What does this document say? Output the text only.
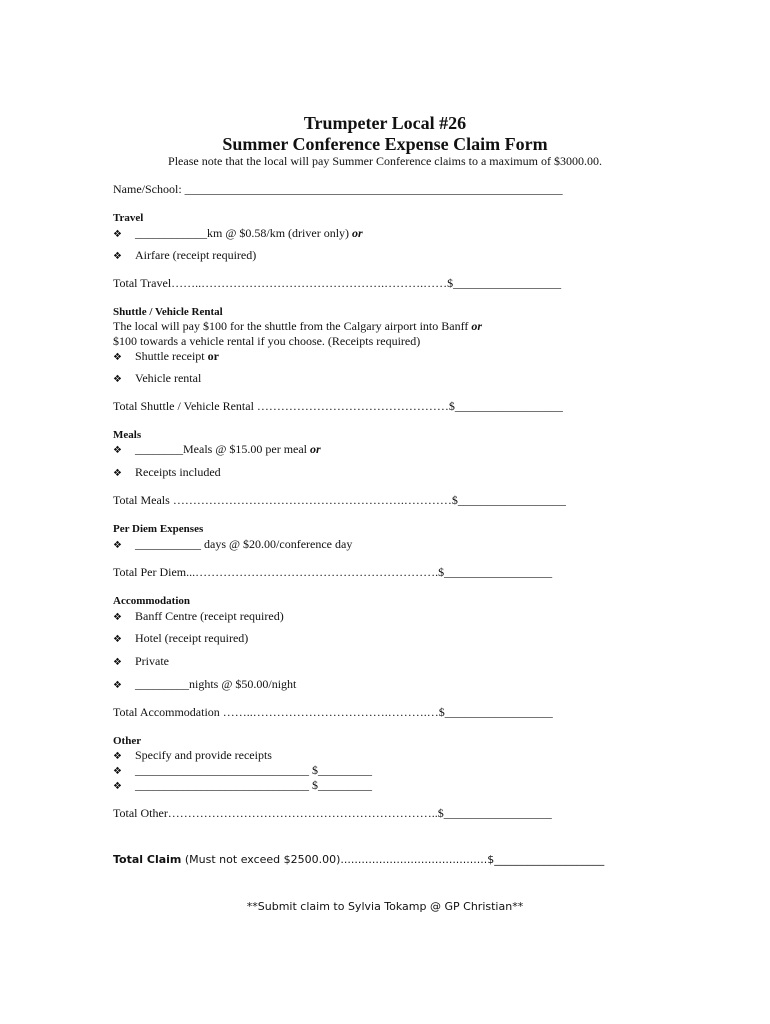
Trumpeter Local #26
Summer Conference Expense Claim Form
Please note that the local will pay Summer Conference claims to a maximum of $3000.00.
Name/School: _______________________________________________________________
Travel
❖ ____________km @ $0.58/km (driver only) or
❖ Airfare (receipt required)
Total Travel……..……………………………………….……….……$__________________
Shuttle / Vehicle Rental
The local will pay $100 for the shuttle from the Calgary airport into Banff or
$100 towards a vehicle rental if you choose. (Receipts required)
❖ Shuttle receipt or
❖ Vehicle rental
Total Shuttle / Vehicle Rental …………………………………………$__________________
Meals
❖ ________Meals @ $15.00 per meal or
❖ Receipts included
Total Meals ………………………………………………….…………$__________________
Per Diem Expenses
❖ ___________ days @ $20.00/conference day
Total Per Diem...…………………………………………………….$__________________
Accommodation
❖ Banff Centre (receipt required)
❖ Hotel (receipt required)
❖ Private
❖ _________nights @ $50.00/night
Total Accommodation ……..…………………………….……….…$__________________
Other
❖ Specify and provide receipts
❖ _____________________________ $_________
❖ _____________________________ $_________
Total Other…………………………………………………………..$__________________
Total Claim (Must not exceed $2500.00)..........................................$____________________
**Submit claim to Sylvia Tokamp @ GP Christian**
